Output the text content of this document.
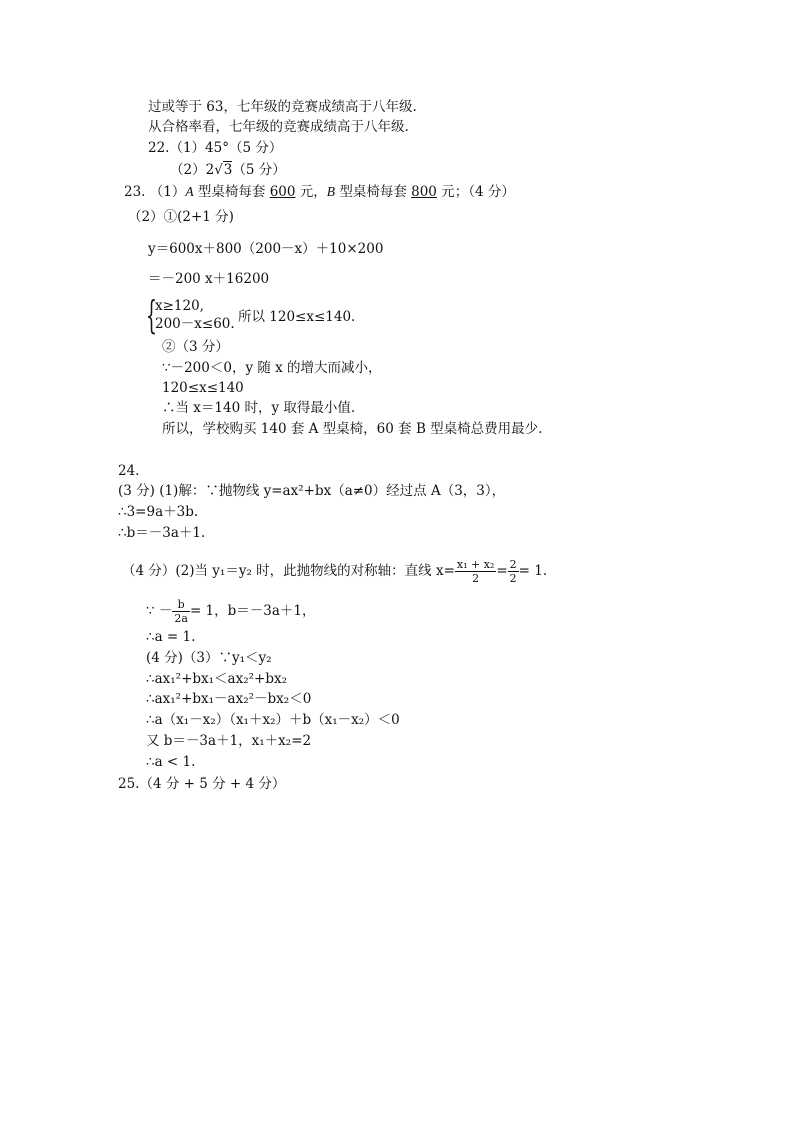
过或等于 63，七年级的竞赛成绩高于八年级.
从合格率看，七年级的竞赛成绩高于八年级.
22.（1）45°（5 分）
（2）2√3（5 分）
23. （1）A 型桌椅每套 600 元，B 型桌椅每套 800 元；（4 分）
（2）①(2+1 分)
y＝600x＋800（200－x）＋10×200
＝－200 x＋16200
{
x≥120,
200－x≤60. 所以 120≤x≤140.
②（3 分）
∵－200＜0，y 随 x 的增大而减小，
120≤x≤140
∴当 x＝140 时，y 取得最小值.
所以，学校购买 140 套 A 型桌椅，60 套 B 型桌椅总费用最少.
24.
(3 分) (1)解：∵抛物线 y=ax²+bx（a≠0）经过点 A（3，3），
∴3=9a＋3b.
∴b＝－3a＋1.
（4 分）(2)当 y₁＝y₂ 时，此抛物线的对称轴：直线 $x= \frac{\text{x₁ + x₂}}{2} = \frac{2}{2} = 1$.
∵ － $\frac{b}{2a} = 1$，b＝－3a＋1，
∴a = 1.
(4 分)（3）∵y₁＜y₂
∴ax₁²+bx₁＜ax₂²+bx₂
∴ax₁²+bx₁－ax₂²－bx₂＜0
∴a（x₁－x₂）（x₁＋x₂）＋b（x₁－x₂）＜0
又 b＝－3a＋1，x₁＋x₂=2
∴a < 1.
25.（4 分 + 5 分 + 4 分）
